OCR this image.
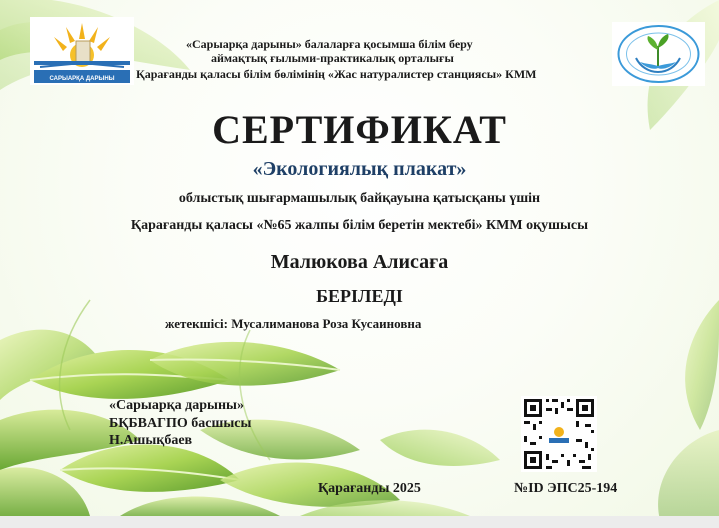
САРЫАРҚА ДАРЫНЫ
«Сарыарқа дарыны» балаларға қосымша білім беру
аймақтық ғылыми-практикалық орталығы
Қарағанды қаласы білім бөлімінің «Жас натуралистер станциясы» КММ
СЕРТИФИКАТ
«Экологиялық плакат»
облыстық шығармашылық байқауына қатысқаны үшін
Қарағанды қаласы «№65 жалпы білім беретін мектебі» КММ оқушысы
Малюкова Алисаға
БЕРІЛЕДІ
жетекшісі: Мусалиманова Роза Кусаиновна
«Сарыарқа дарыны»
БҚБBАГПО басшысы
Н.Ашықбаев
Қарағанды 2025	№ID ЭПС25-194
